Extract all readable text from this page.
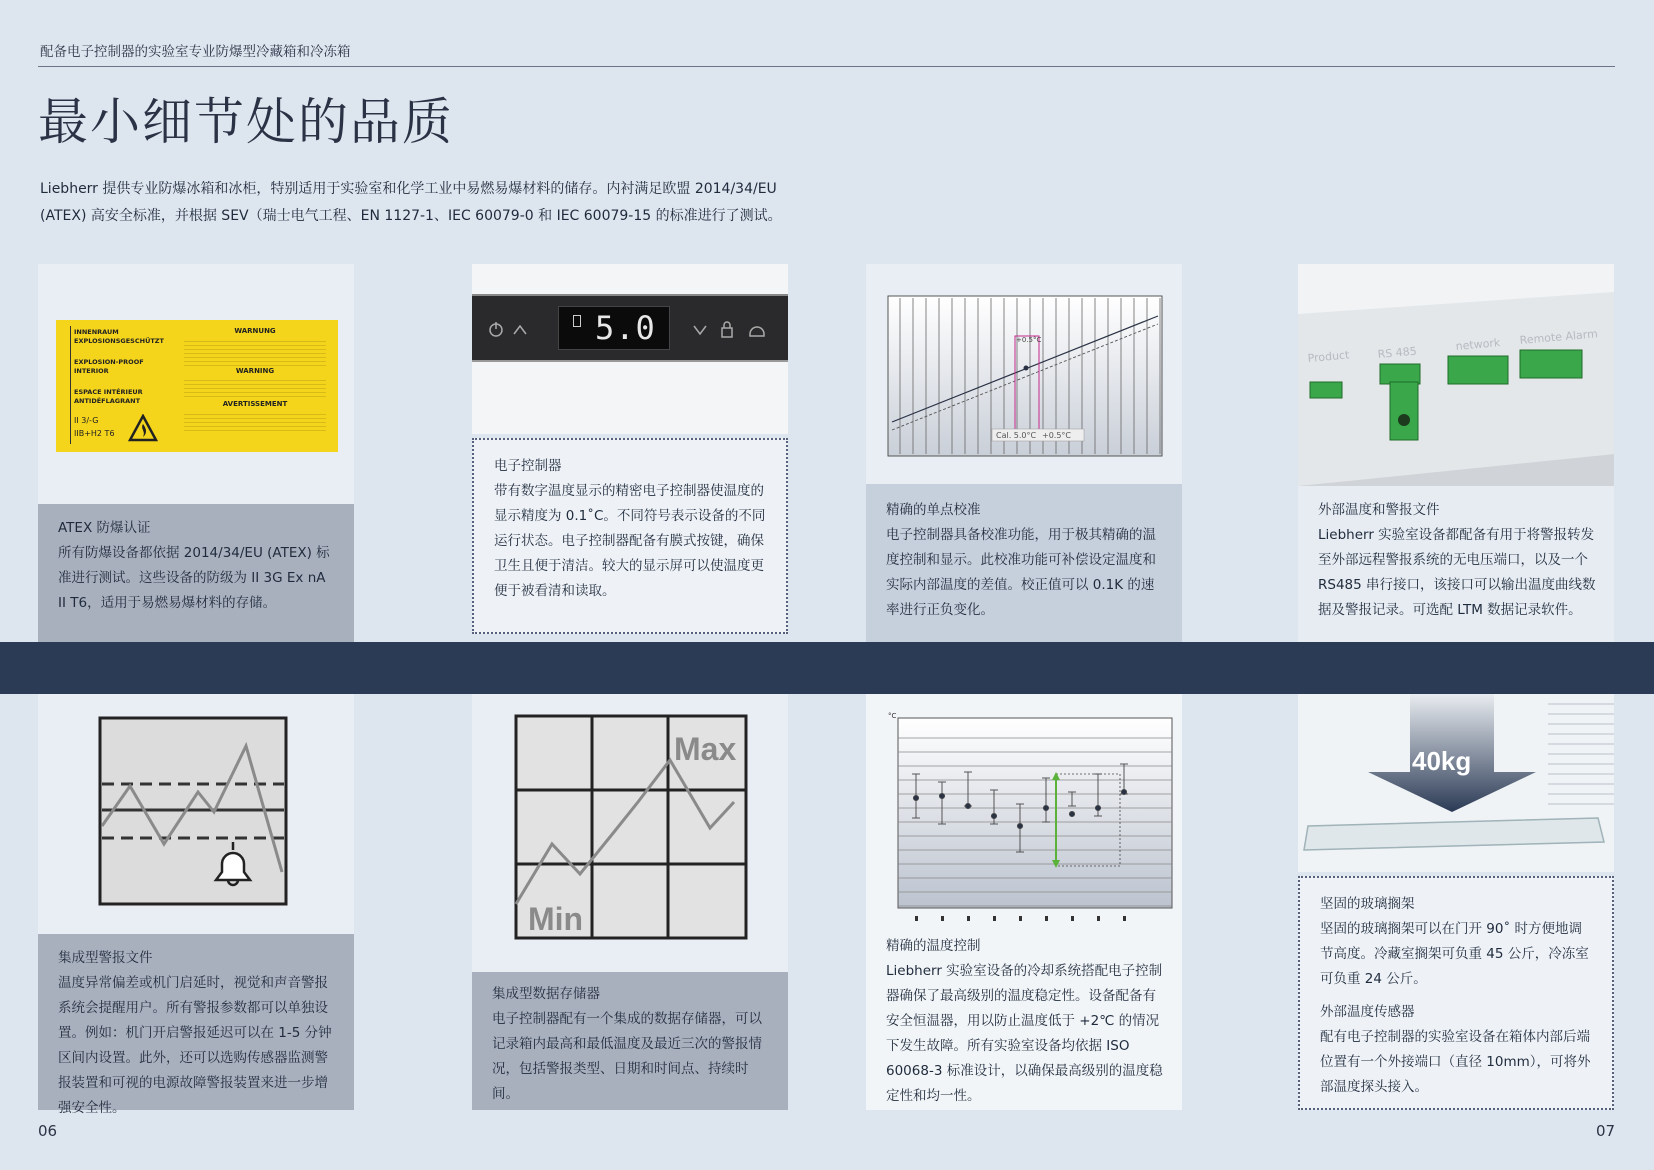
配备电子控制器的实验室专业防爆型冷藏箱和冷冻箱
最小细节处的品质
Liebherr 提供专业防爆冰箱和冰柜，特别适用于实验室和化学工业中易燃易爆材料的储存。内衬满足欧盟 2014/34/EU (ATEX) 高安全标准，并根据 SEV（瑞士电气工程、EN 1127-1、IEC 60079-0 和 IEC 60079-15 的标准进行了测试。
INNENRAUM
EXPLOSIONSGESCHÜTZT
EXPLOSION-PROOF
INTERIOR
ESPACE INTÉRIEUR
ANTIDÉFLAGRANT
II 3/-G
IIB+H2 T6
WARNUNG
WARNING
AVERTISSEMENT
ATEX 防爆认证
所有防爆设备都依据 2014/34/EU (ATEX) 标准进行测试。这些设备的防级为 II 3G Ex nA II T6，适用于易燃易爆材料的存储。
5.0
电子控制器
带有数字温度显示的精密电子控制器使温度的显示精度为 0.1˚C。不同符号表示设备的不同运行状态。电子控制器配备有膜式按键，确保卫生且便于清洁。较大的显示屏可以使温度更便于被看清和读取。
+0.5°C
Cal. 5.0°C +0.5°C
精确的单点校准
电子控制器具备校准功能，用于极其精确的温度控制和显示。此校准功能可补偿设定温度和实际内部温度的差值。校正值可以 0.1K 的速率进行正负变化。
Product RS 485	network Remote Alarm
外部温度和警报文件
Liebherr 实验室设备都配备有用于将警报转发至外部远程警报系统的无电压端口，以及一个 RS485 串行接口，该接口可以输出温度曲线数据及警报记录。可选配 LTM 数据记录软件。
集成型警报文件
温度异常偏差或机门启延时，视觉和声音警报系统会提醒用户。所有警报参数都可以单独设置。例如：机门开启警报延迟可以在 1-5 分钟区间内设置。此外，还可以选购传感器监测警报装置和可视的电源故障警报装置来进一步增强安全性。
Max
Min
集成型数据存储器
电子控制器配有一个集成的数据存储器，可以记录箱内最高和最低温度及最近三次的警报情况，包括警报类型、日期和时间点、持续时间。
°C
精确的温度控制
Liebherr 实验室设备的冷却系统搭配电子控制器确保了最高级别的温度稳定性。设备配备有安全恒温器，用以防止温度低于 +2℃ 的情况下发生故障。所有实验室设备均依据 ISO 60068-3 标准设计，以确保最高级别的温度稳定性和均一性。
40kg
坚固的玻璃搁架
坚固的玻璃搁架可以在门开 90˚ 时方便地调节高度。冷藏室搁架可负重 45 公斤，冷冻室可负重 24 公斤。
外部温度传感器
配有电子控制器的实验室设备在箱体内部后端位置有一个外接端口（直径 10mm），可将外部温度探头接入。
06	07
